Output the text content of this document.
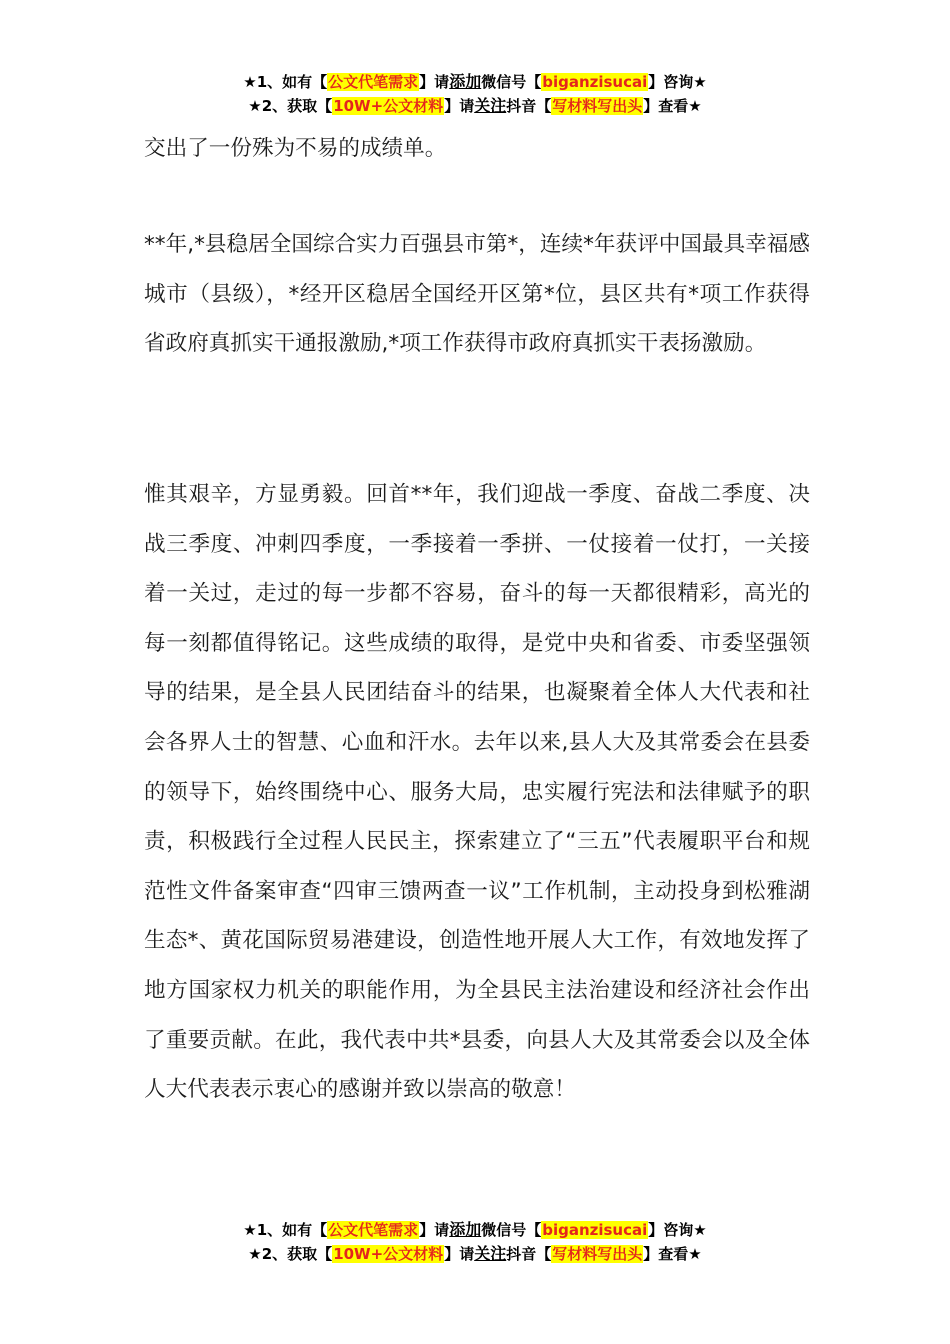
★1、如有【公文代笔需求】请添加微信号【biganzisucai】咨询★
★2、获取【10W+公文材料】请关注抖音【写材料写出头】查看★

交出了一份殊为不易的成绩单。

**年,*县稳居全国综合实力百强县市第*，连续*年获评中国最具幸福感城市（县级），*经开区稳居全国经开区第*位，县区共有*项工作获得省政府真抓实干通报激励,*项工作获得市政府真抓实干表扬激励。

惟其艰辛，方显勇毅。回首**年，我们迎战一季度、奋战二季度、决战三季度、冲刺四季度，一季接着一季拼、一仗接着一仗打，一关接着一关过，走过的每一步都不容易，奋斗的每一天都很精彩，高光的每一刻都值得铭记。这些成绩的取得，是党中央和省委、市委坚强领导的结果，是全县人民团结奋斗的结果，也凝聚着全体人大代表和社会各界人士的智慧、心血和汗水。去年以来,县人大及其常委会在县委的领导下，始终围绕中心、服务大局，忠实履行宪法和法律赋予的职责，积极践行全过程人民民主，探索建立了“三五”代表履职平台和规范性文件备案审查“四审三馈两查一议”工作机制，主动投身到松雅湖生态*、黄花国际贸易港建设，创造性地开展人大工作，有效地发挥了地方国家权力机关的职能作用，为全县民主法治建设和经济社会作出了重要贡献。在此，我代表中共*县委，向县人大及其常委会以及全体人大代表表示衷心的感谢并致以崇高的敬意！

★1、如有【公文代笔需求】请添加微信号【biganzisucai】咨询★
★2、获取【10W+公文材料】请关注抖音【写材料写出头】查看★
